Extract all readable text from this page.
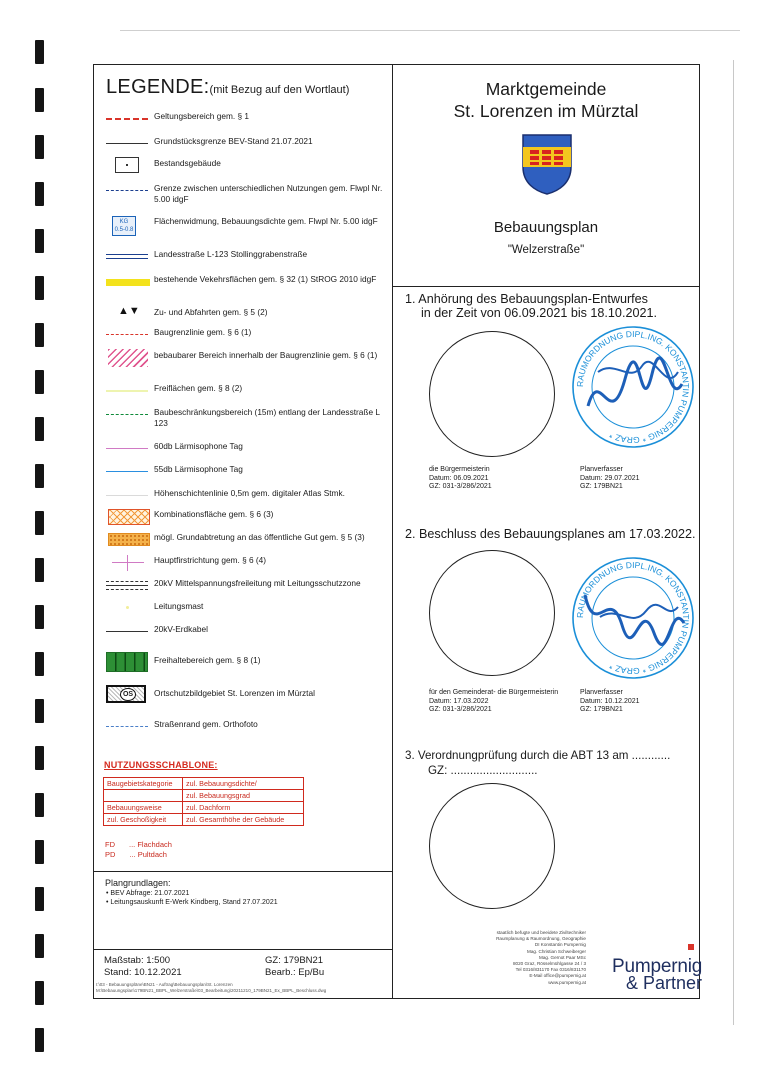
LEGENDE:(mit Bezug auf den Wortlaut)
Geltungsbereich gem. § 1
Grundstücksgrenze BEV-Stand 21.07.2021
Bestandsgebäude
Grenze zwischen unterschiedlichen Nutzungen gem. Flwpl Nr. 5.00 idgF
KG
0.5-0.8
Flächenwidmung, Bebauungsdichte gem. Flwpl Nr. 5.00 idgF
Landesstraße L-123 Stollinggrabenstraße
bestehende Vekehrsflächen gem. § 32 (1) StROG 2010 idgF
▲▼ Zu- und Abfahrten gem. § 5 (2)
Baugrenzlinie gem. § 6 (1)
bebaubarer Bereich innerhalb der Baugrenzlinie gem. § 6 (1)
Freiflächen gem. § 8 (2)
Baubeschränkungsbereich (15m) entlang der Landesstraße L 123
60db Lärmisophone Tag
55db Lärmisophone Tag
Höhenschichtenlinie 0,5m gem. digitaler Atlas Stmk.
Kombinationsfläche gem. § 6 (3)
mögl. Grundabtretung an das öffentliche Gut gem. § 5 (3)
Hauptfirstrichtung gem. § 6 (4)
20kV Mittelspannungsfreileitung mit Leitungsschutzzone
Leitungsmast
20kV-Erdkabel
Freihaltebereich gem. § 8 (1)
OS	Ortschutzbildgebiet St. Lorenzen im Mürztal
Straßenrand gem. Orthofoto
NUTZUNGSSCHABLONE:
Baugebietskategorie	zul. Bebauungsdichte/
	zul. Bebauungsgrad
Bebauungsweise	zul. Dachform
zul. Geschoßigkeit	zul. Gesamthöhe der Gebäude
FD ... Flachdach
PD ... Pultdach
Plangrundlagen:
• BEV Abfrage: 21.07.2021
• Leitungsauskunft E-Werk Kindberg, Stand 27.07.2021
Maßstab: 1:500
Stand: 10.12.2021
GZ: 179BN21
Bearb.: Ep/Bu
I:\03 - Bebauungspläne\BN21 - Auftrag\Bebauungsplan\St. Lorenzen
M:\Bebauungsplan\179BN21_BBPL_Welzerstraße\03_Bearbeitung\20211210_179BN21_Ex_BBPL_Beschluss.dwg
Marktgemeinde
St. Lorenzen im Mürztal
Bebauungsplan
"Welzerstraße"
1. Anhörung des Bebauungsplan-Entwurfes
in der Zeit von 06.09.2021 bis 18.10.2021.
RAUMORDNUNG DIPL.ING. KONSTANTIN PUMPERNIG * GRAZ *
die Bürgermeisterin
Datum: 06.09.2021
GZ: 031-3/286/2021
Planverfasser
Datum: 29.07.2021
GZ: 179BN21
2. Beschluss des Bebauungsplanes am 17.03.2022.
RAUMORDNUNG DIPL.ING. KONSTANTIN PUMPERNIG * GRAZ *
für den Gemeinderat- die Bürgermeisterin
Datum: 17.03.2022
GZ: 031-3/286/2021
Planverfasser
Datum: 10.12.2021
GZ: 179BN21
3. Verordnungprüfung durch die ABT 13 am ............
GZ: ...........................
staatlich befugte und beeidete Ziviltechniker
Raumplanung & Raumordnung, Geographie
DI Konstantin Pumpernig
Mag. Christian Schweiberger
Mag. Gernot Paar MSc
8020 Graz, Rösselmühlgasse 24 / 3
Tel 0316/831170 Fax 0316/831170
E-Mail office@pumpernig.at
www.pumpernig.at
Pumpernig
& Partner
